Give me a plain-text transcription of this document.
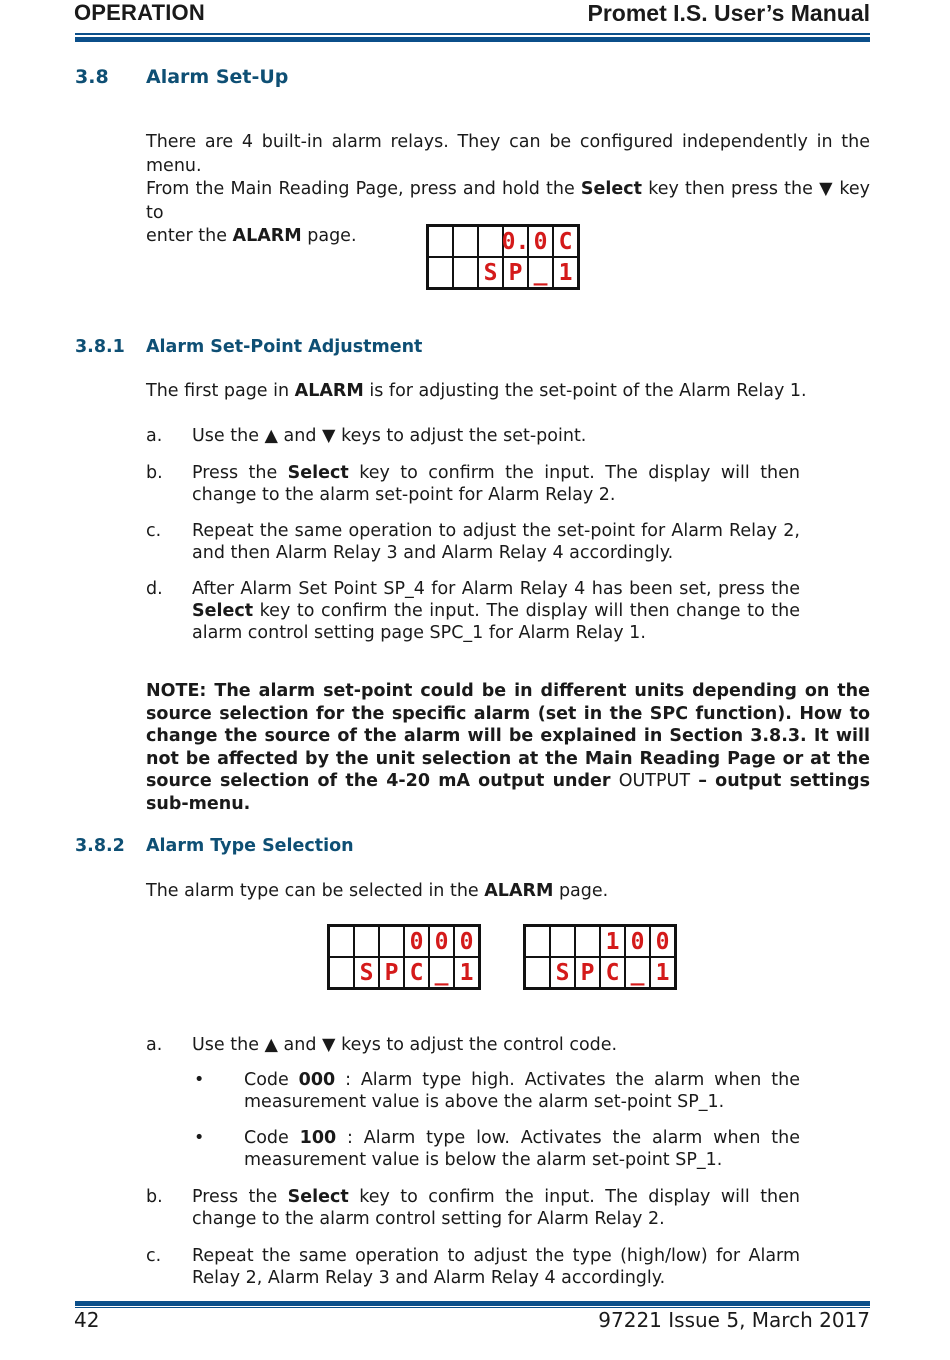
OPERATION	Promet I.S. User’s Manual
3.8 Alarm Set-Up
There are 4 built-in alarm relays. They can be configured independently in the menu.
From the Main Reading Page, press and hold the Select key then press the ▼ key to
enter the ALARM page.	0. 0 C
S P _ 1
3.8.1 Alarm Set-Point Adjustment
The first page in ALARM is for adjusting the set-point of the Alarm Relay 1.
a. Use the ▲ and ▼ keys to adjust the set-point.
b. Press the Select key to confirm the input. The display will then change to the alarm set-point for Alarm Relay 2.
c. Repeat the same operation to adjust the set-point for Alarm Relay 2, and then Alarm Relay 3 and Alarm Relay 4 accordingly.
d. After Alarm Set Point SP_4 for Alarm Relay 4 has been set, press the Select key to confirm the input. The display will then change to the alarm control setting page SPC_1 for Alarm Relay 1.
NOTE: The alarm set-point could be in different units depending on the source selection for the specific alarm (set in the SPC function). How to change the source of the alarm will be explained in Section 3.8.3. It will not be affected by the unit selection at the Main Reading Page or at the source selection of the 4-20 mA output under OUTPUT – output settings sub-menu.
3.8.2 Alarm Type Selection
The alarm type can be selected in the ALARM page.
0 0 0
S P C _ 1
1 0 0
S P C _ 1
a. Use the ▲ and ▼ keys to adjust the control code.
• Code 000 : Alarm type high. Activates the alarm when the measurement value is above the alarm set-point SP_1.
• Code 100 : Alarm type low. Activates the alarm when the measurement value is below the alarm set-point SP_1.
b. Press the Select key to confirm the input. The display will then change to the alarm control setting for Alarm Relay 2.
c. Repeat the same operation to adjust the type (high/low) for Alarm Relay 2, Alarm Relay 3 and Alarm Relay 4 accordingly.
42	97221 Issue 5, March 2017
